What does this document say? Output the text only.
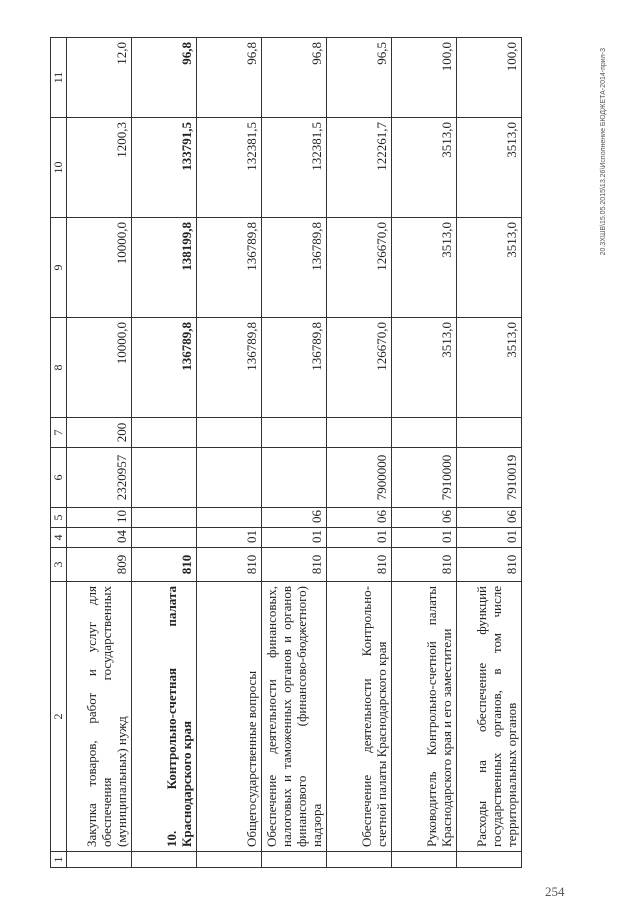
1	2	3	4	5	6	7	8	9	10	11
	Закупка товаров, работ и услуг для обеспечения государственных (муниципальных) нужд	809	04	10	2320957	200	10000,0	10000,0	1200,3	12,0
	10. Контрольно-счетная палата Краснодарского края	810					136789,8	138199,8	133791,5	96,8
	Общегосударственные вопросы	810	01				136789,8	136789,8	132381,5	96,8
	Обеспечение деятельности финансовых, налоговых и таможенных органов и органов финансового (финансово-бюджетного) надзора	810	01	06			136789,8	136789,8	132381,5	96,8
	Обеспечение деятельности Контрольно-счетной палаты Краснодарского края	810	01	06	7900000		126670,0	126670,0	122261,7	96,5
	Руководитель Контрольно-счетной палаты Краснодарского края и его заместители	810	01	06	7910000		3513,0	3513,0	3513,0	100,0
	Расходы на обеспечение функций государственных органов, в том числе территориальных органов	810	01	06	7910019		3513,0	3513,0	3513,0	100,0	20.3ХШВ\15.05.2015\13.26\Исполнение БЮДЖЕТА-2014-прил-3
254
